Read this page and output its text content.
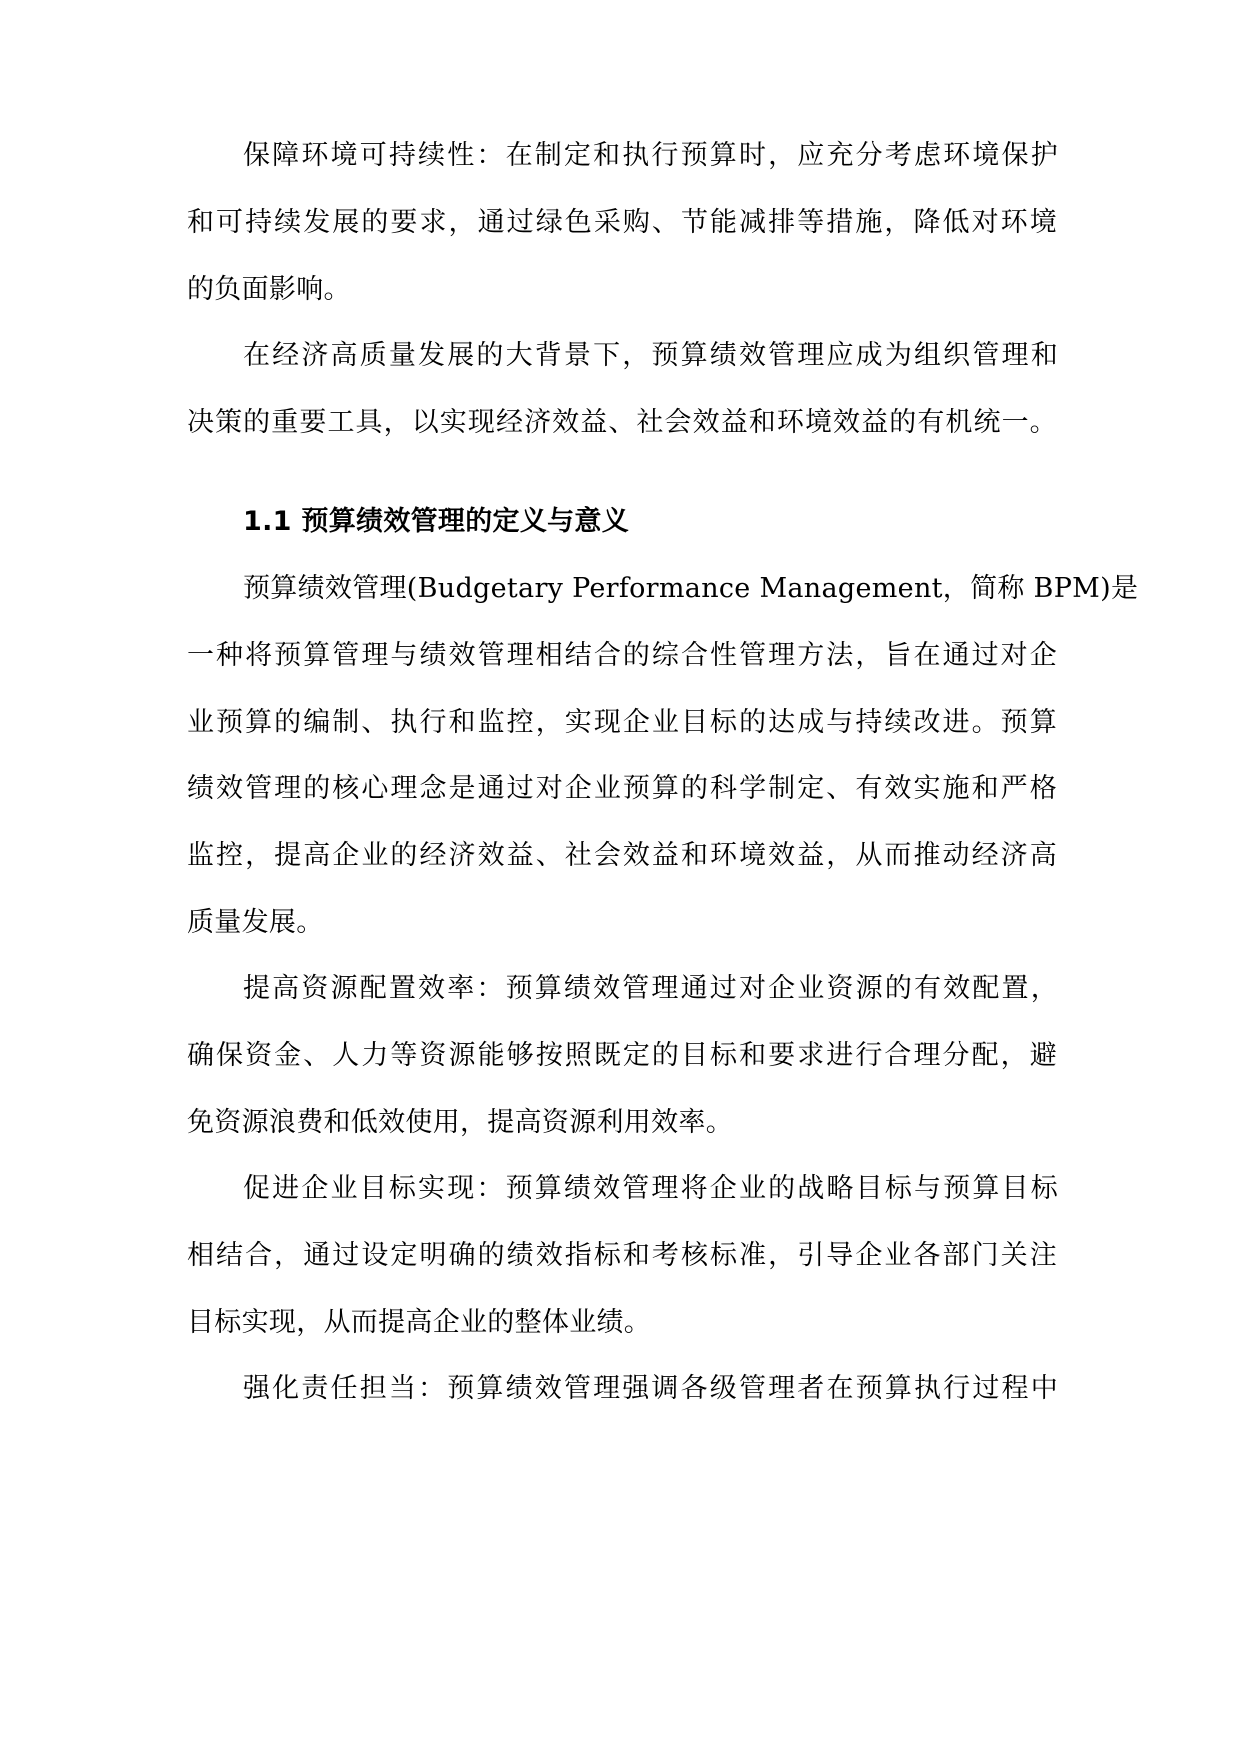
保障环境可持续性：在制定和执行预算时，应充分考虑环境保护
和可持续发展的要求，通过绿色采购、节能减排等措施，降低对环境
的负面影响。
在经济高质量发展的大背景下，预算绩效管理应成为组织管理和
决策的重要工具，以实现经济效益、社会效益和环境效益的有机统一。
1.1 预算绩效管理的定义与意义
预算绩效管理(Budgetary Performance Management，简称 BPM)是
一种将预算管理与绩效管理相结合的综合性管理方法，旨在通过对企
业预算的编制、执行和监控，实现企业目标的达成与持续改进。预算
绩效管理的核心理念是通过对企业预算的科学制定、有效实施和严格
监控，提高企业的经济效益、社会效益和环境效益，从而推动经济高
质量发展。
提高资源配置效率：预算绩效管理通过对企业资源的有效配置，
确保资金、人力等资源能够按照既定的目标和要求进行合理分配，避
免资源浪费和低效使用，提高资源利用效率。
促进企业目标实现：预算绩效管理将企业的战略目标与预算目标
相结合，通过设定明确的绩效指标和考核标准，引导企业各部门关注
目标实现，从而提高企业的整体业绩。
强化责任担当：预算绩效管理强调各级管理者在预算执行过程中
